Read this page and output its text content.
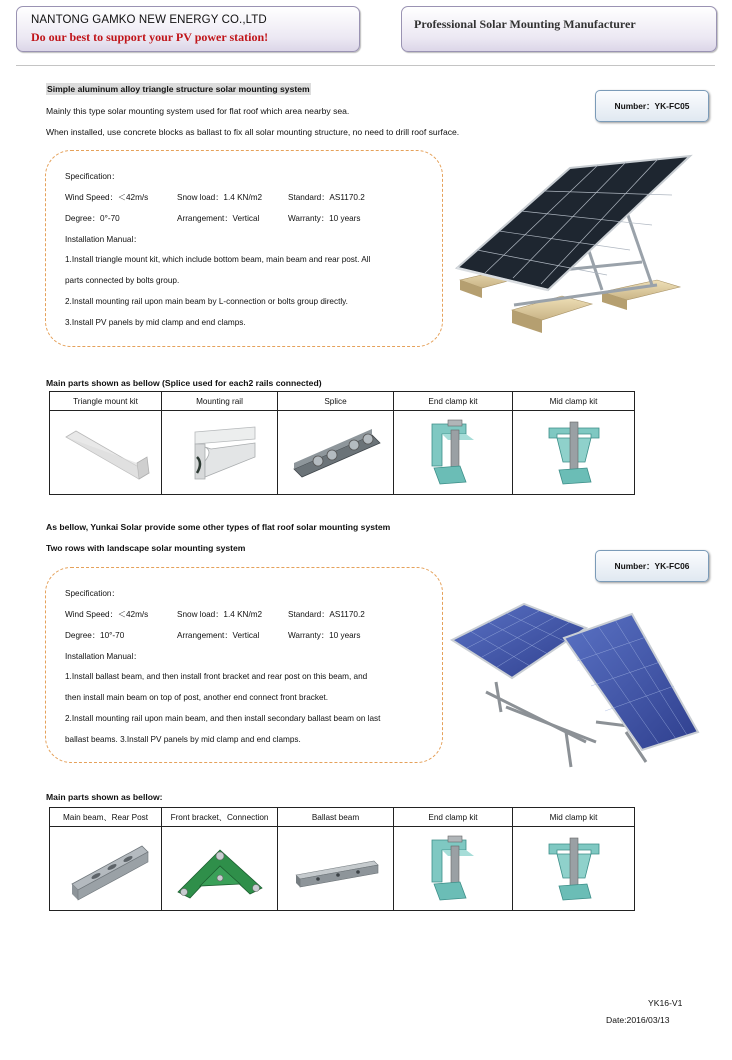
NANTONG GAMKO NEW ENERGY CO.,LTD
Do our best to support your PV power station!
Professional Solar Mounting Manufacturer
Simple aluminum alloy triangle structure solar mounting system
Mainly this type solar mounting system used for flat roof which area nearby sea.
When installed, use concrete blocks as ballast to fix all solar mounting structure, no need to drill roof surface.
Number：YK-FC05
Specification：
Wind Speed：＜42m/s	Snow load：1.4 KN/m2	Standard：AS1170.2
Degree：0°-70	Arrangement：Vertical	Warranty：10 years
Installation Manual：
1.Install triangle mount kit, which include bottom beam, main beam and rear post. All
parts connected by bolts group.
2.Install mounting rail upon main beam by L-connection or bolts group directly.
3.Install PV panels by mid clamp and end clamps.
Main parts shown as bellow (Splice used for each2 rails connected)
Triangle mount kit	Mounting rail	Splice	End clamp kit	Mid clamp kit

As bellow, Yunkai Solar provide some other types of flat roof solar mounting system
Two rows with landscape solar mounting system
Number：YK-FC06
Specification：
Wind Speed：＜42m/s	Snow load：1.4 KN/m2	Standard：AS1170.2
Degree：10°-70	Arrangement：Vertical	Warranty：10 years
Installation Manual：
1.Install ballast beam, and then install front bracket and rear post on this beam, and
then install main beam on top of post, another end connect front bracket.
2.Install mounting rail upon main beam, and then install secondary ballast beam on last
ballast beams. 3.Install PV panels by mid clamp and end clamps.
Main parts shown as bellow:
Main beam、Rear Post	Front bracket、Connection	Ballast beam	End clamp kit	Mid clamp kit

YK16-V1
Date:2016/03/13
